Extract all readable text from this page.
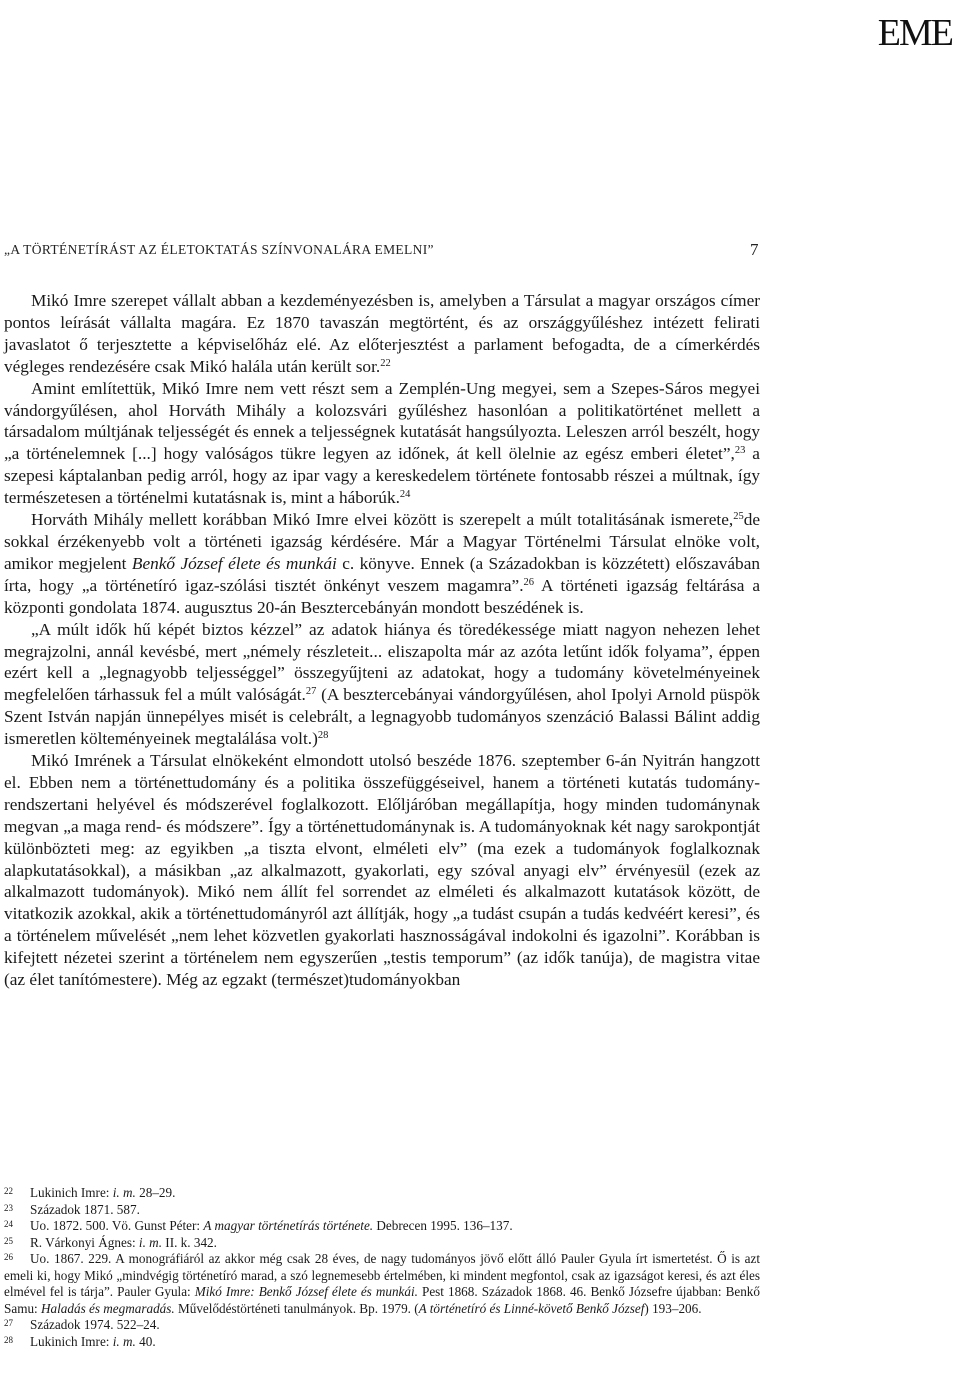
EME
„A TÖRTÉNETÍRÁST AZ ÉLETOKTATÁS SZÍNVONALÁRA EMELNI”	7

Mikó Imre szerepet vállalt abban a kezdeményezésben is, amelyben a Társulat a magyar országos címer pontos leírását vállalta magára. Ez 1870 tavaszán megtörtént, és az országgyűléshez intézett felirati javaslatot ő terjesztette a képviselőház elé. Az előterjesztést a parlament befogadta, de a címerkérdés végleges rendezésére csak Mikó halála után került sor.$^{22}$

Amint említettük, Mikó Imre nem vett részt sem a Zemplén-Ung megyei, sem a Szepes-Sáros megyei vándorgyűlésen, ahol Horváth Mihály a kolozsvári gyűléshez hasonlóan a politikatörténet mellett a társadalom múltjának teljességét és ennek a teljességnek kutatását hangsúlyozta. Leleszen arról beszélt, hogy „a történelemnek [...] hogy valóságos tükre legyen az időnek, át kell ölelnie az egész emberi életet”,$^{23}$ a szepesi káptalanban pedig arról, hogy az ipar vagy a kereskedelem története fontosabb részei a múltnak, így természetesen a történelmi kutatásnak is, mint a háborúk.$^{24}$

Horváth Mihály mellett korábban Mikó Imre elvei között is szerepelt a múlt totalitásának ismerete,$^{25}$de sokkal érzékenyebb volt a történeti igazság kérdésére. Már a Magyar Történelmi Társulat elnöke volt, amikor megjelent Benkő József élete és munkái c. könyve. Ennek (a Századokban is közzétett) előszavában írta, hogy „a történetíró igaz-szólási tisztét önkényt veszem magamra”.$^{26}$ A történeti igazság feltárása a központi gondolata 1874. augusztus 20-án Besztercebányán mondott beszédének is.

„A múlt idők hű képét biztos kézzel” az adatok hiánya és töredékessége miatt nagyon nehezen lehet megrajzolni, annál kevésbé, mert „némely részleteit... eliszapolta már az azóta letűnt idők folyama”, éppen ezért kell a „legnagyobb teljességgel” összegyűjteni az adatokat, hogy a tudomány követelményeinek megfelelően tárhassuk fel a múlt valóságát.$^{27}$ (A besztercebányai vándorgyűlésen, ahol Ipolyi Arnold püspök Szent István napján ünnepélyes misét is celebrált, a legnagyobb tudományos szenzáció Balassi Bálint addig ismeretlen költeményeinek megtalálása volt.)$^{28}$

Mikó Imrének a Társulat elnökeként elmondott utolsó beszéde 1876. szeptember 6-án Nyitrán hangzott el. Ebben nem a történettudomány és a politika összefüggéseivel, hanem a történeti kutatás tudomány-rendszertani helyével és módszerével foglalkozott. Előljáróban megállapítja, hogy minden tudománynak megvan „a maga rend- és módszere”. Így a történettudománynak is. A tudományoknak két nagy sarokpontját különbözteti meg: az egyikben „a tiszta elvont, elméleti elv” (ma ezek a tudományok foglalkoznak alapkutatásokkal), a másikban „az alkalmazott, gyakorlati, egy szóval anyagi elv” érvényesül (ezek az alkalmazott tudományok). Mikó nem állít fel sorrendet az elméleti és alkalmazott kutatások között, de vitatkozik azokkal, akik a történettudományról azt állítják, hogy „a tudást csupán a tudás kedvéért keresi”, és a történelem művelését „nem lehet közvetlen gyakorlati hasznosságával indokolni és igazolni”. Korábban is kifejtett nézetei szerint a történelem nem egyszerűen „testis temporum” (az idők tanúja), de magistra vitae (az élet tanítómestere). Még az egzakt (természet)tudományokban

22 Lukinich Imre: i. m. 28–29.
23 Századok 1871. 587.
24 Uo. 1872. 500. Vö. Gunst Péter: A magyar történetírás története. Debrecen 1995. 136–137.
25 R. Várkonyi Ágnes: i. m. II. k. 342.
26 Uo. 1867. 229. A monográfiáról az akkor még csak 28 éves, de nagy tudományos jövő előtt álló Pauler Gyula írt ismertetést. Ő is azt emeli ki, hogy Mikó „mindvégig történetíró marad, a szó legnemesebb értelmében, ki mindent megfontol, csak az igazságot keresi, és azt éles elmével fel is tárja”. Pauler Gyula: Mikó Imre: Benkő József élete és munkái. Pest 1868. Századok 1868. 46. Benkő Józsefre újabban: Benkő Samu: Haladás és megmaradás. Művelődéstörténeti tanulmányok. Bp. 1979. (A történetíró és Linné-követő Benkő József) 193–206.
27 Századok 1974. 522–24.
28 Lukinich Imre: i. m. 40.
